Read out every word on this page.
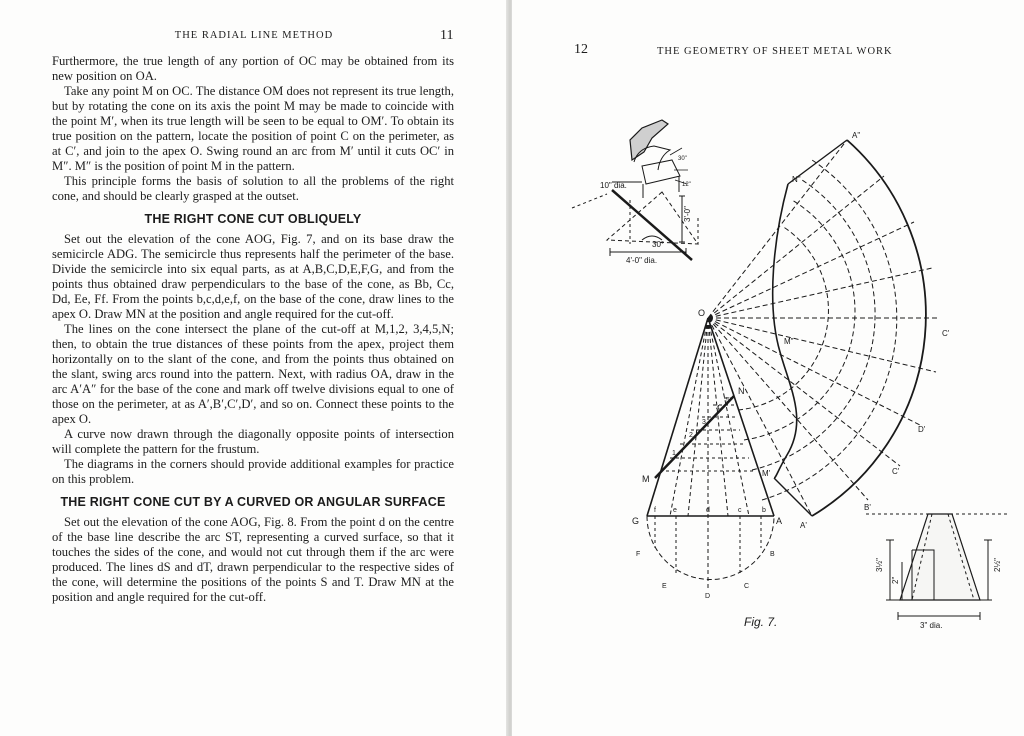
THE RADIAL LINE METHOD	11

Furthermore, the true length of any portion of OC may be obtained from its new position on OA.

Take any point M on OC. The distance OM does not represent its true length, but by rotating the cone on its axis the point M may be made to coincide with the point M′, when its true length will be seen to be equal to OM′. To obtain its true position on the pattern, locate the position of point C on the perimeter, as at C′, and join to the apex O. Swing round an arc from M′ until it cuts OC′ in M″. M″ is the position of point M in the pattern.

This principle forms the basis of solution to all the problems of the right cone, and should be clearly grasped at the outset.

THE RIGHT CONE CUT OBLIQUELY

Set out the elevation of the cone AOG, Fig. 7, and on its base draw the semicircle ADG. The semicircle thus represents half the perimeter of the base. Divide the semicircle into six equal parts, as at A,B,C,D,E,F,G, and from the points thus obtained draw perpendiculars to the base of the cone, as Bb, Cc, Dd, Ee, Ff. From the points b,c,d,e,f, on the base of the cone, draw lines to the apex O. Draw MN at the position and angle required for the cut-off.

The lines on the cone intersect the plane of the cut-off at M,1,2, 3,4,5,N; then, to obtain the true distances of these points from the apex, project them horizontally on to the slant of the cone, and from the points thus obtained on the slant, swing arcs round into the pattern. Next, with radius OA, draw in the arc A′A″ for the base of the cone and mark off twelve divisions equal to one of those on the perimeter, at as A′,B′,C′,D′, and so on. Connect these points to the apex O.

A curve now drawn through the diagonally opposite points of intersection will complete the pattern for the frustum.

The diagrams in the corners should provide additional examples for practice on this problem.

THE RIGHT CONE CUT BY A CURVED OR ANGULAR SURFACE

Set out the elevation of the cone AOG, Fig. 8. From the point d on the centre of the base line describe the arc ST, representing a curved surface, so that it touches the sides of the cone, and would not cut through them if the arc were produced. The lines dS and dT, drawn perpendicular to the respective sides of the cone, will determine the positions of the points S and T. Draw MN at the position and angle required for the cut-off.

12	THE GEOMETRY OF SHEET METAL WORK
10" dia.
3'-0"
4'-0" dia.
30°
30"
12"
3½"
2"
2½"
3" dia.
O
G	A
M
N
f e	d	c	b
F
E
D
C
B
1
2
3
4
5
A'
B'
C'
D'
C'
A"
N"
M"
M'
Fig. 7.
